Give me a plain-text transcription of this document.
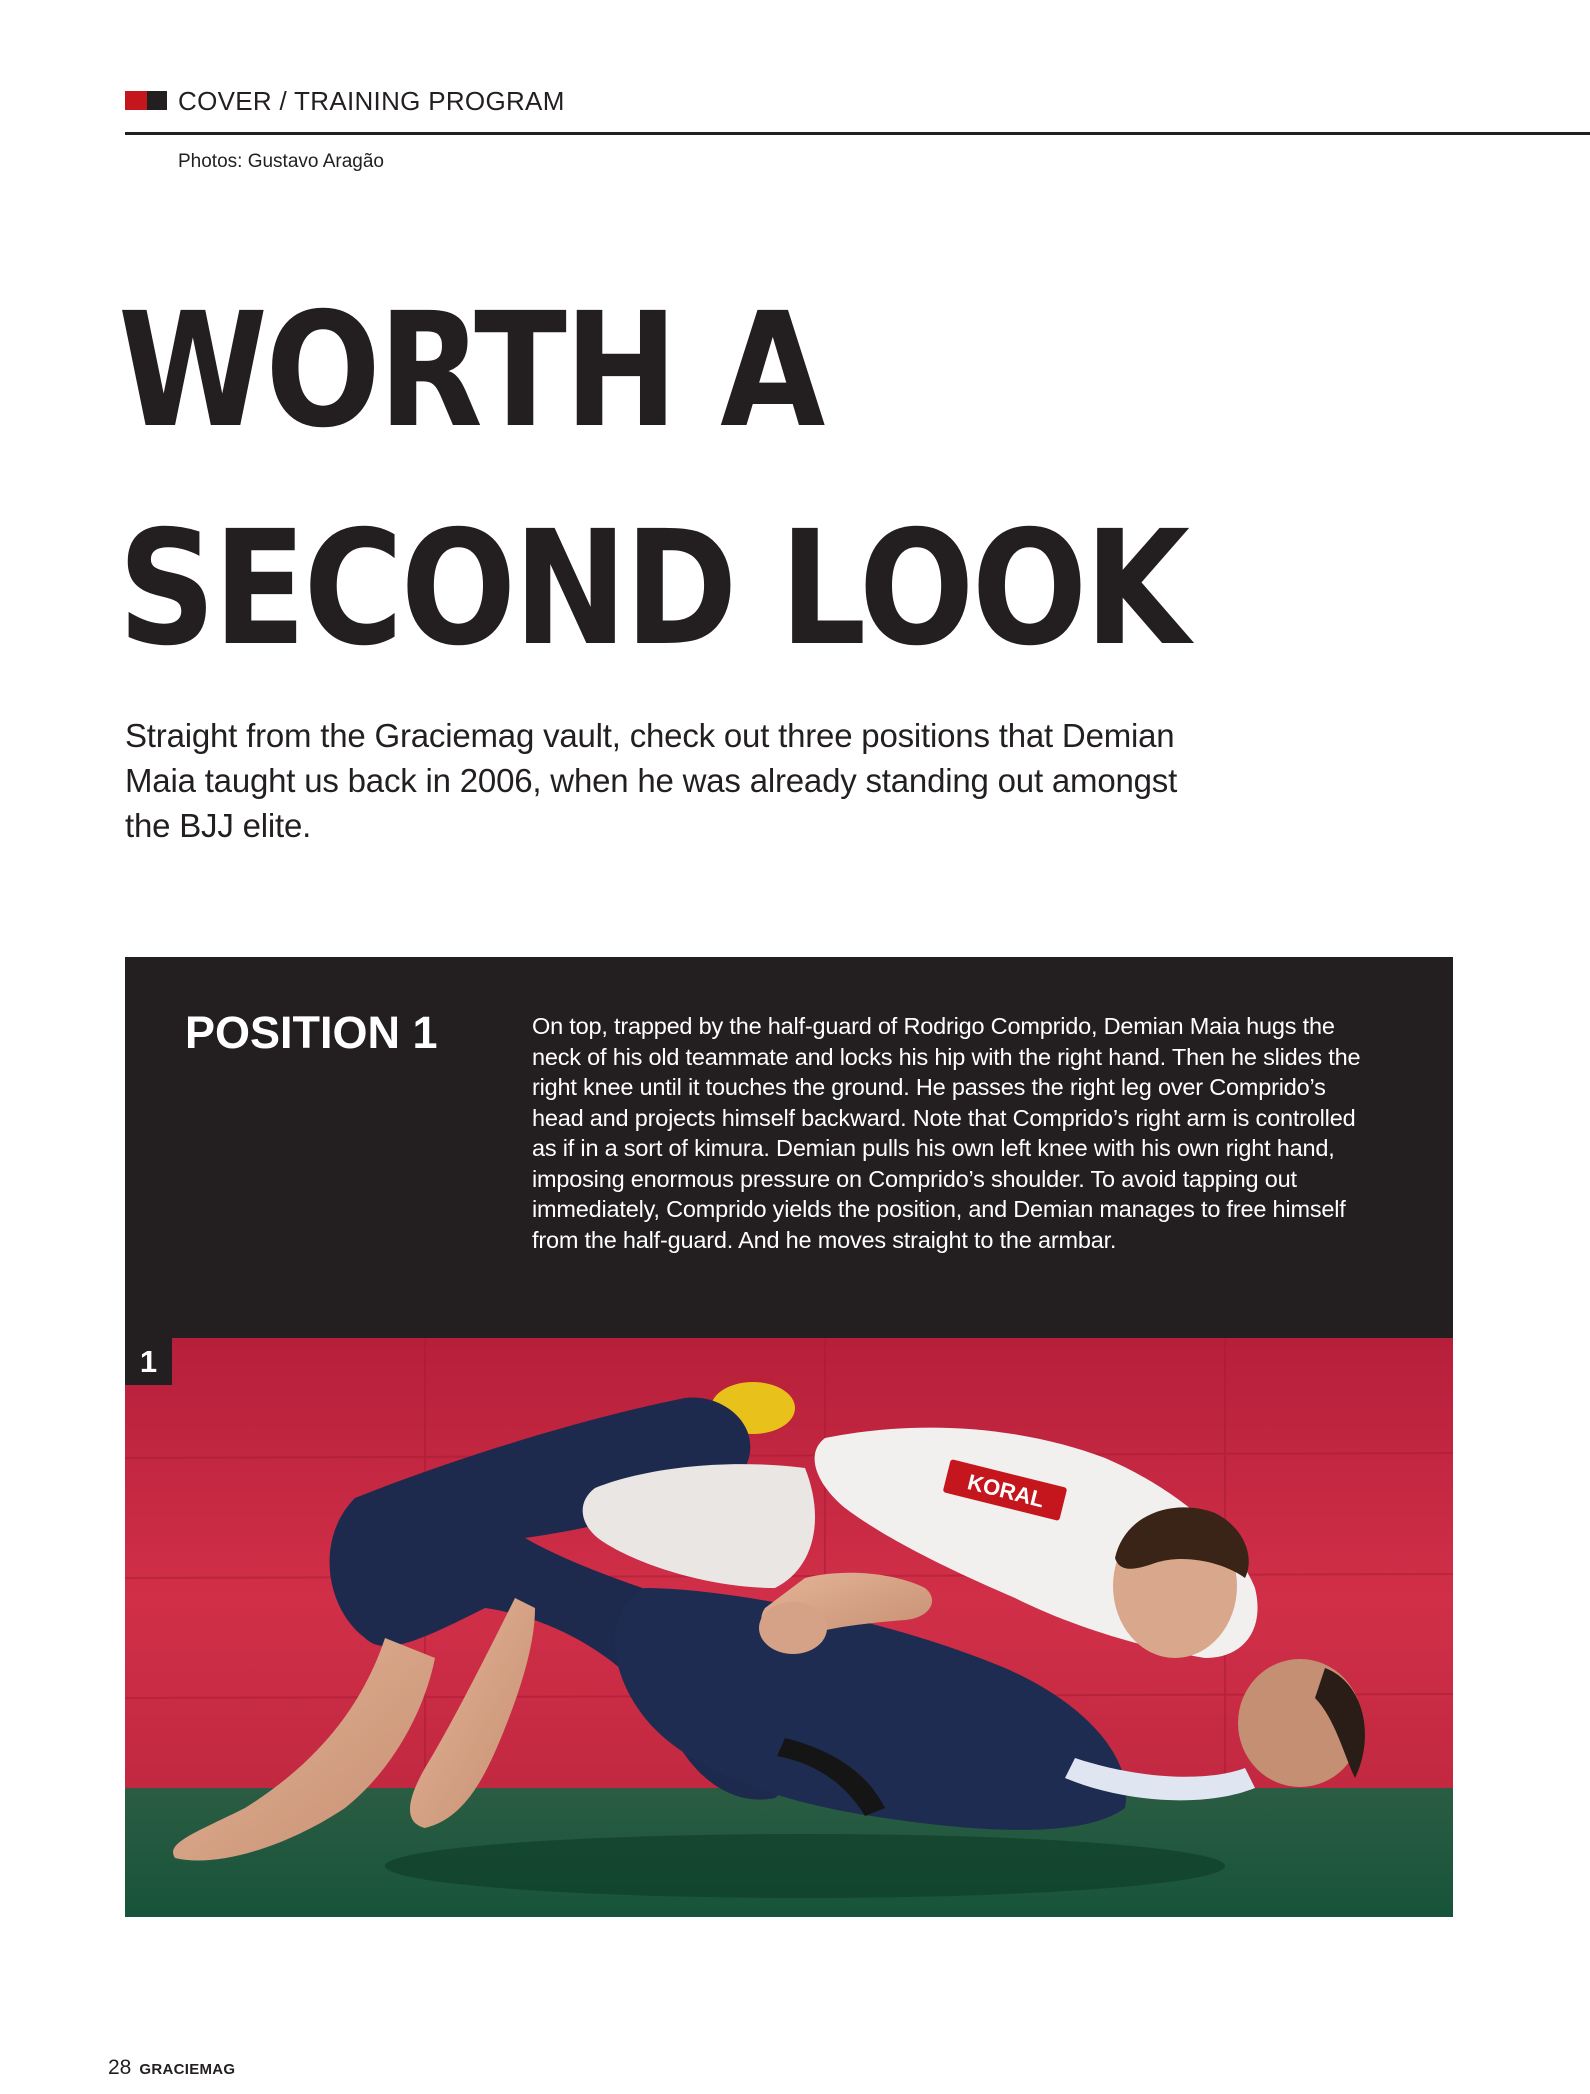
COVER / TRAINING PROGRAM
Photos: Gustavo Aragão
WORTH A
SECOND LOOK

Straight from the Graciemag vault, check out three positions that Demian Maia taught us back in 2006, when he was already standing out amongst the BJJ elite.

POSITION 1	On top, trapped by the half-guard of Rodrigo Comprido, Demian Maia hugs the neck of his old teammate and locks his hip with the right hand. Then he slides the right knee until it touches the ground. He passes the right leg over Comprido’s head and projects himself backward. Note that Comprido’s right arm is controlled as if in a sort of kimura. Demian pulls his own left knee with his own right hand, imposing enormous pressure on Comprido’s shoulder. To avoid tapping out immediately, Comprido yields the position, and Demian manages to free himself from the half-guard. And he moves straight to the armbar.

KORAL
1
28 GRACIEMAG
